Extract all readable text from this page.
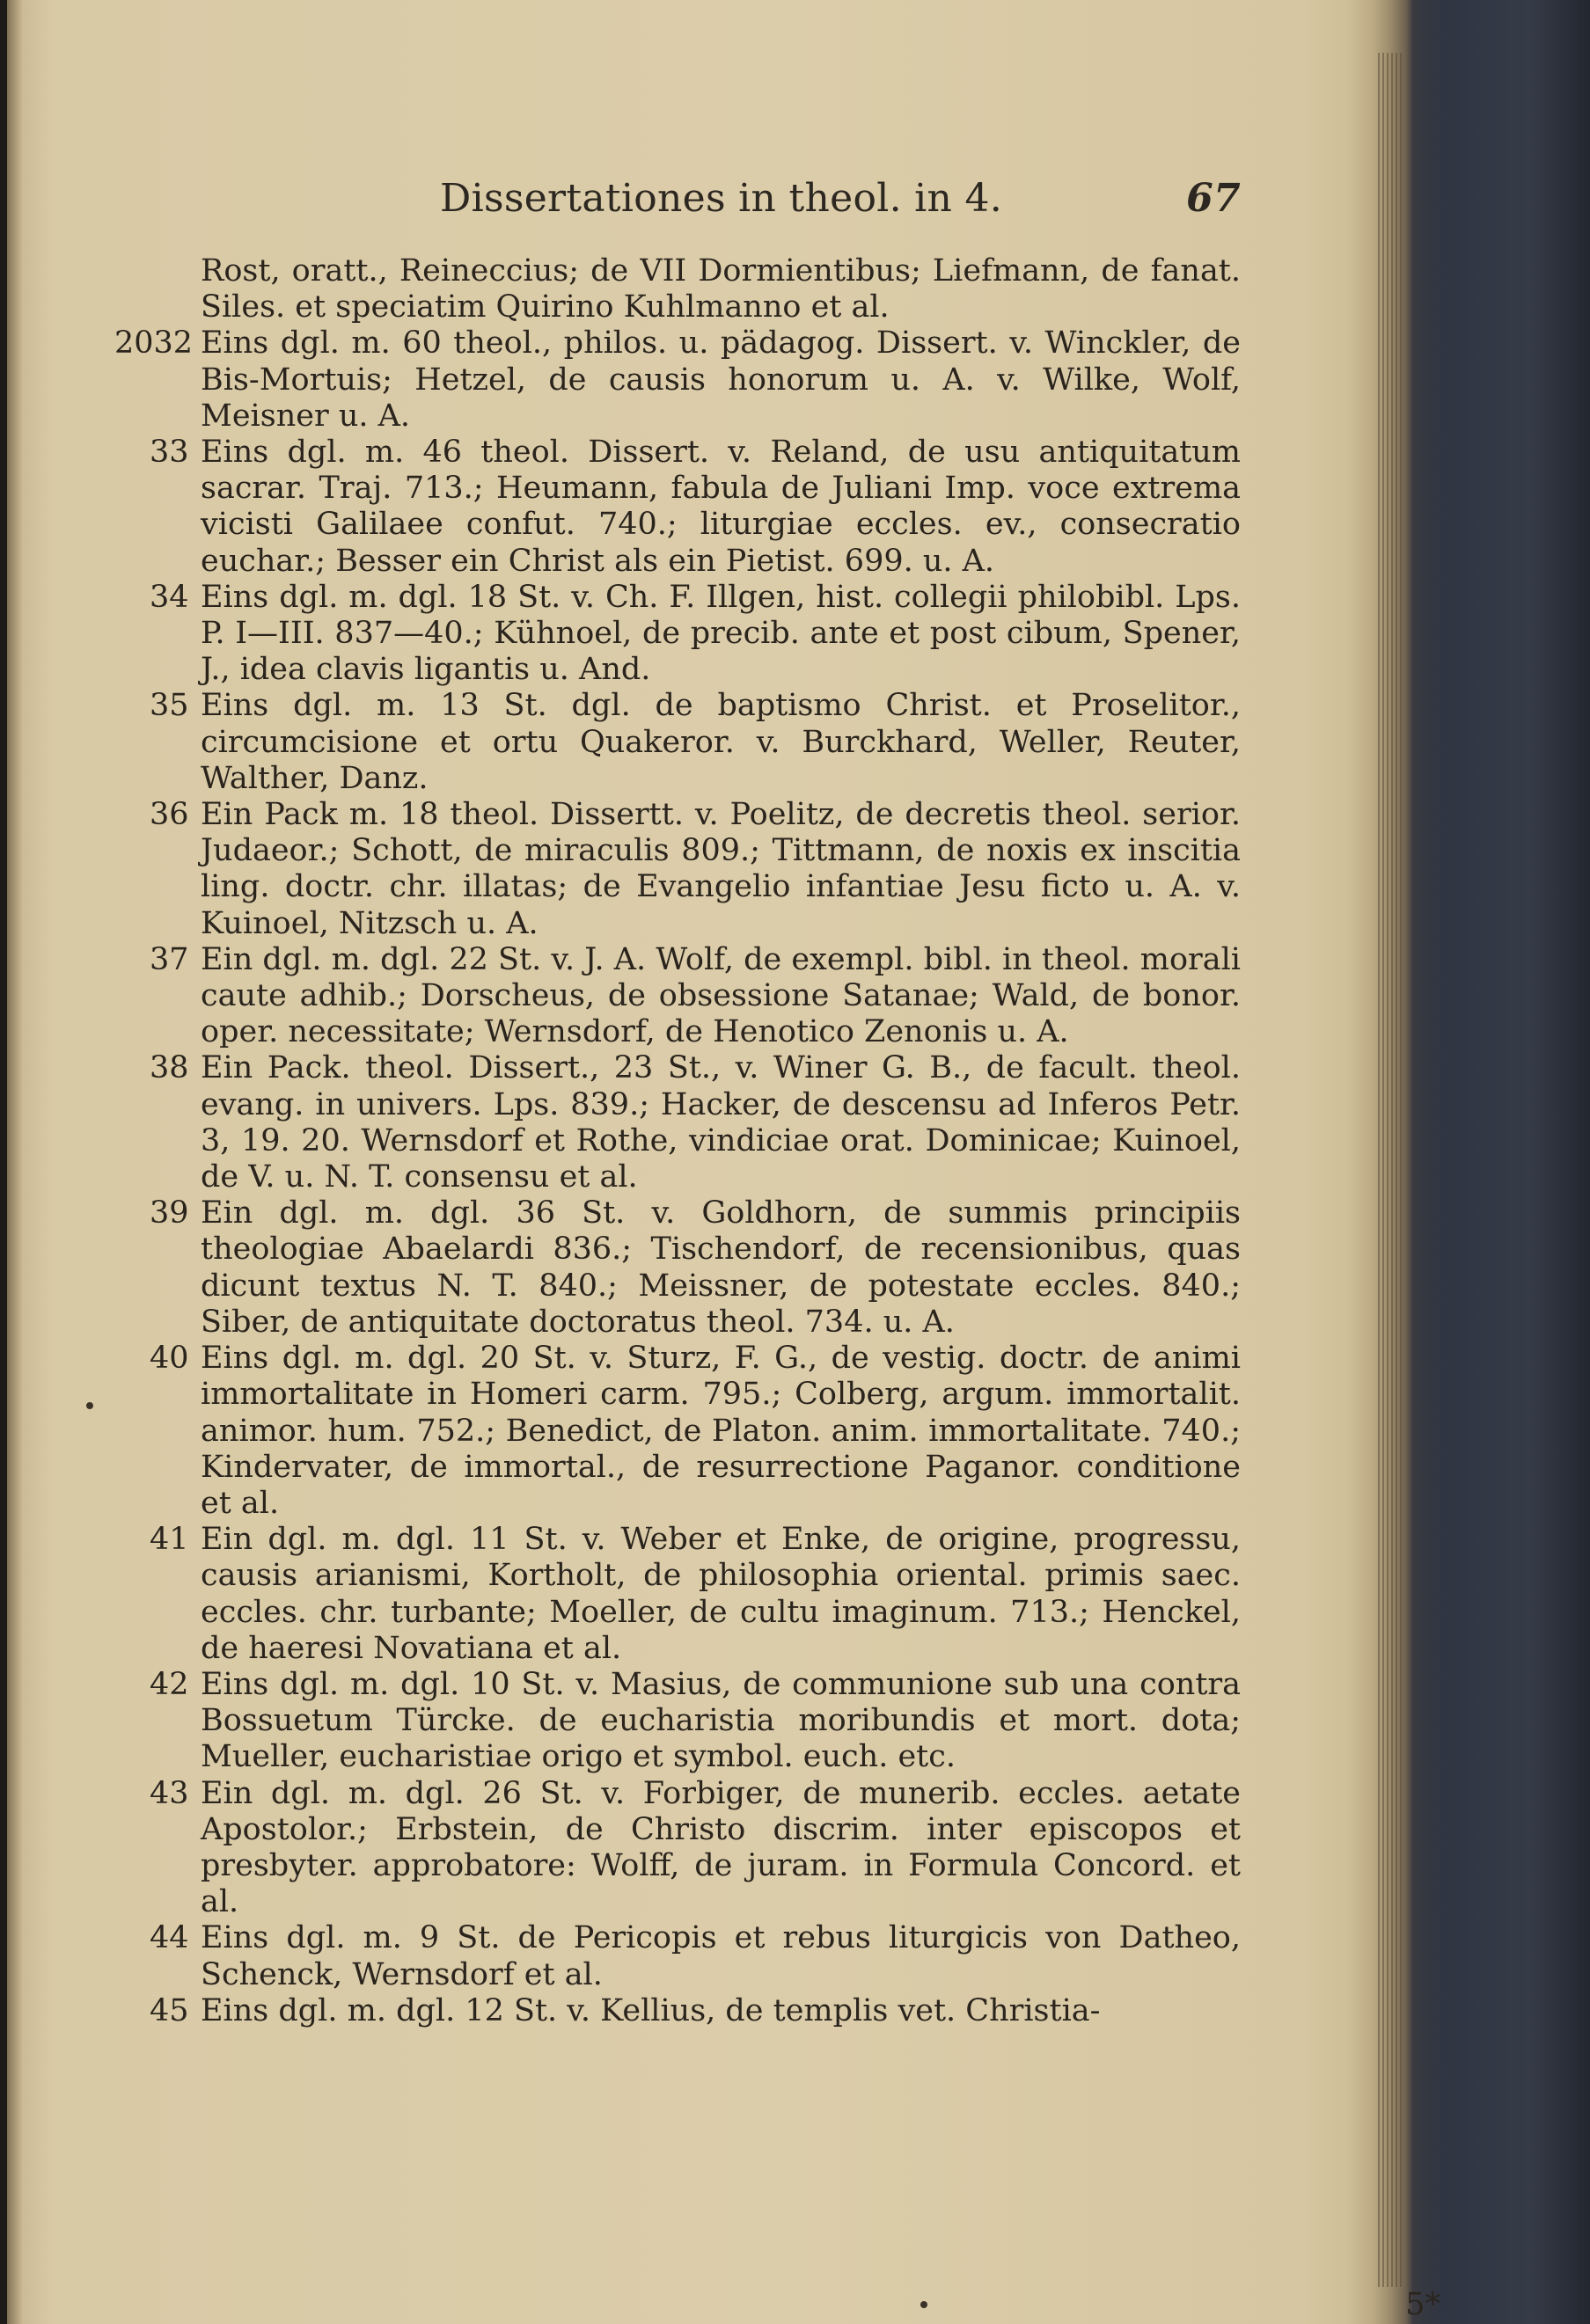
Dissertationes in theol. in 4.	67
Rost, oratt., Reineccius; de VII Dormientibus; Liefmann, de fanat. Siles. et speciatim Quirino Kuhlmanno et al.
2032 Eins dgl. m. 60 theol., philos. u. pädagog. Dissert. v. Winckler, de Bis-Mortuis; Hetzel, de causis honorum u. A. v. Wilke, Wolf, Meisner u. A.
33 Eins dgl. m. 46 theol. Dissert. v. Reland, de usu antiquitatum sacrar. Traj. 713.; Heumann, fabula de Juliani Imp. voce extrema vicisti Galilaee confut. 740.; liturgiae eccles. ev., consecratio euchar.; Besser ein Christ als ein Pietist. 699. u. A.
34 Eins dgl. m. dgl. 18 St. v. Ch. F. Illgen, hist. collegii philobibl. Lps. P. I—III. 837—40.; Kühnoel, de precib. ante et post cibum, Spener, J., idea clavis ligantis u. And.
35 Eins dgl. m. 13 St. dgl. de baptismo Christ. et Proselitor., circumcisione et ortu Quakeror. v. Burckhard, Weller, Reuter, Walther, Danz.
36 Ein Pack m. 18 theol. Dissertt. v. Poelitz, de decretis theol. serior. Judaeor.; Schott, de miraculis 809.; Tittmann, de noxis ex inscitia ling. doctr. chr. illatas; de Evangelio infantiae Jesu ficto u. A. v. Kuinoel, Nitzsch u. A.
37 Ein dgl. m. dgl. 22 St. v. J. A. Wolf, de exempl. bibl. in theol. morali caute adhib.; Dorscheus, de obsessione Satanae; Wald, de bonor. oper. necessitate; Wernsdorf, de Henotico Zenonis u. A.
38 Ein Pack. theol. Dissert., 23 St., v. Winer G. B., de facult. theol. evang. in univers. Lps. 839.; Hacker, de descensu ad Inferos Petr. 3, 19. 20. Wernsdorf et Rothe, vindiciae orat. Dominicae; Kuinoel, de V. u. N. T. consensu et al.
39 Ein dgl. m. dgl. 36 St. v. Goldhorn, de summis principiis theologiae Abaelardi 836.; Tischendorf, de recensionibus, quas dicunt textus N. T. 840.; Meissner, de potestate eccles. 840.; Siber, de antiquitate doctoratus theol. 734. u. A.
40 Eins dgl. m. dgl. 20 St. v. Sturz, F. G., de vestig. doctr. de animi immortalitate in Homeri carm. 795.; Colberg, argum. immortalit. animor. hum. 752.; Benedict, de Platon. anim. immortalitate. 740.; Kindervater, de immortal., de resurrectione Paganor. conditione et al.
41 Ein dgl. m. dgl. 11 St. v. Weber et Enke, de origine, progressu, causis arianismi, Kortholt, de philosophia oriental. primis saec. eccles. chr. turbante; Moeller, de cultu imaginum. 713.; Henckel, de haeresi Novatiana et al.
42 Eins dgl. m. dgl. 10 St. v. Masius, de communione sub una contra Bossuetum Türcke. de eucharistia moribundis et mort. dota; Mueller, eucharistiae origo et symbol. euch. etc.
43 Ein dgl. m. dgl. 26 St. v. Forbiger, de munerib. eccles. aetate Apostolor.; Erbstein, de Christo discrim. inter episcopos et presbyter. approbatore: Wolff, de juram. in Formula Concord. et al.
44 Eins dgl. m. 9 St. de Pericopis et rebus liturgicis von Datheo, Schenck, Wernsdorf et al.
45 Eins dgl. m. dgl. 12 St. v. Kellius, de templis vet. Christia-
5*
